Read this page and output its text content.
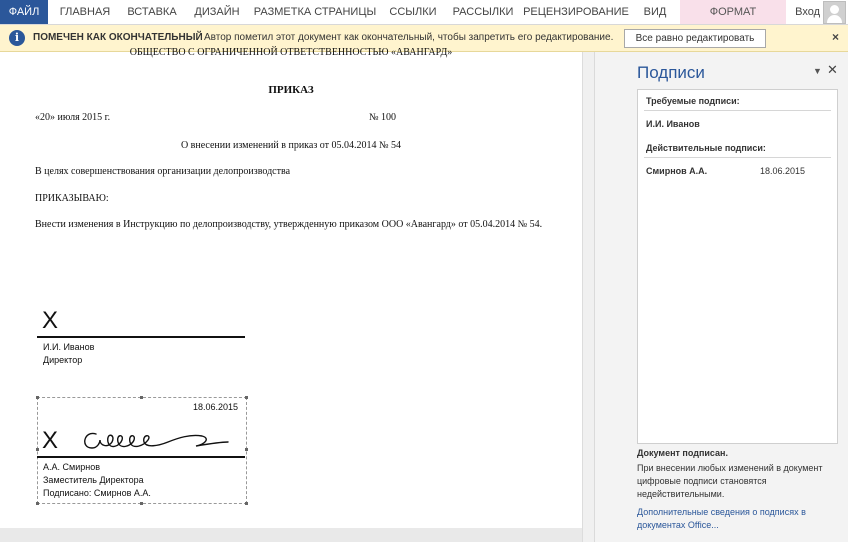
ФАЙЛ	ГЛАВНАЯ	ВСТАВКА	ДИЗАЙН	РАЗМЕТКА СТРАНИЦЫ	ССЫЛКИ	РАССЫЛКИ РЕЦЕНЗИРОВАНИЕ	ВИД	ФОРМАТ	Вход
i	ПОМЕЧЕН КАК ОКОНЧАТЕЛЬНЫЙ Автор пометил этот документ как окончательный, чтобы запретить его редактирование.	Все равно редактировать	×
ОБЩЕСТВО С ОГРАНИЧЕННОЙ ОТВЕТСТВЕННОСТЬЮ «АВАНГАРД»
ПРИКАЗ
«20» июля 2015 г.	№ 100
О внесении изменений в приказ от 05.04.2014 № 54
В целях совершенствования организации делопроизводства
ПРИКАЗЫВАЮ:
Внести изменения в Инструкцию по делопроизводству, утвержденную приказом ООО «Авангард» от 05.04.2014 № 54.
X
И.И. Иванов
Директор
18.06.2015
X
А.А. Смирнов
Заместитель Директора
Подписано: Смирнов А.А.
Подписи	▼ ✕
Требуемые подписи:
И.И. Иванов
Действительные подписи:
Смирнов А.А.	18.06.2015
Документ подписан.
При внесении любых изменений в документ цифровые подписи становятся недействительными.
Дополнительные сведения о подписях в документах Office...
